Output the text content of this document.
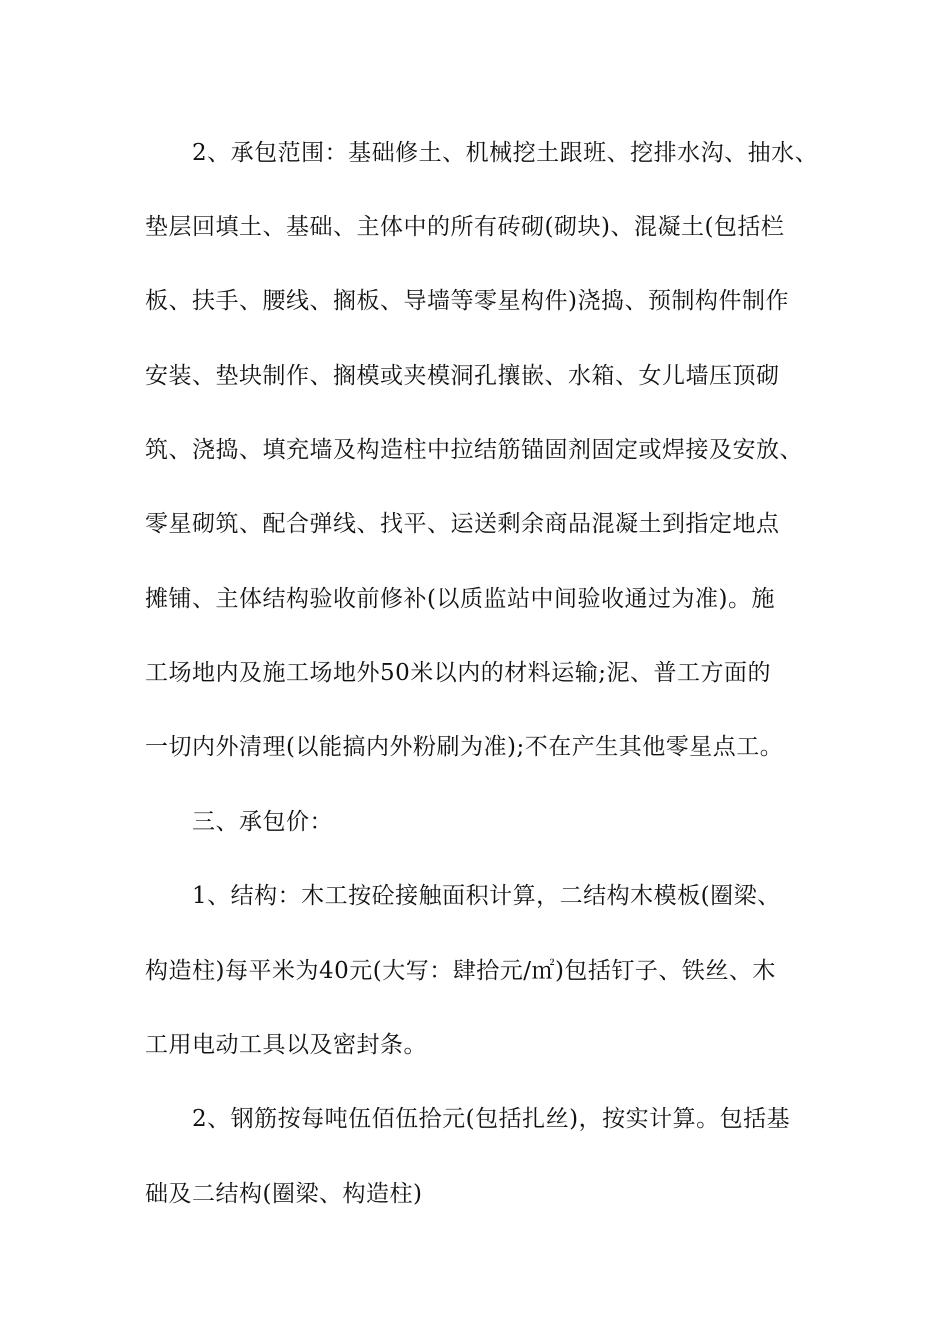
2、承包范围：基础修土、机械挖土跟班、挖排水沟、抽水、
垫层回填土、基础、主体中的所有砖砌(砌块)、混凝土(包括栏
板、扶手、腰线、搁板、导墙等零星构件)浇捣、预制构件制作
安装、垫块制作、搁模或夹模洞孔攘嵌、水箱、女儿墙压顶砌
筑、浇捣、填充墙及构造柱中拉结筋锚固剂固定或焊接及安放、
零星砌筑、配合弹线、找平、运送剩余商品混凝土到指定地点
摊铺、主体结构验收前修补(以质监站中间验收通过为准)。施
工场地内及施工场地外50米以内的材料运输;泥、普工方面的
一切内外清理(以能搞内外粉刷为准);不在产生其他零星点工。
三、承包价：
1、结构：木工按砼接触面积计算，二结构木模板(圈梁、
构造柱)每平米为40元(大写：肆拾元/㎡)包括钉子、铁丝、木
工用电动工具以及密封条。
2、钢筋按每吨伍佰伍拾元(包括扎丝)，按实计算。包括基
础及二结构(圈梁、构造柱)
